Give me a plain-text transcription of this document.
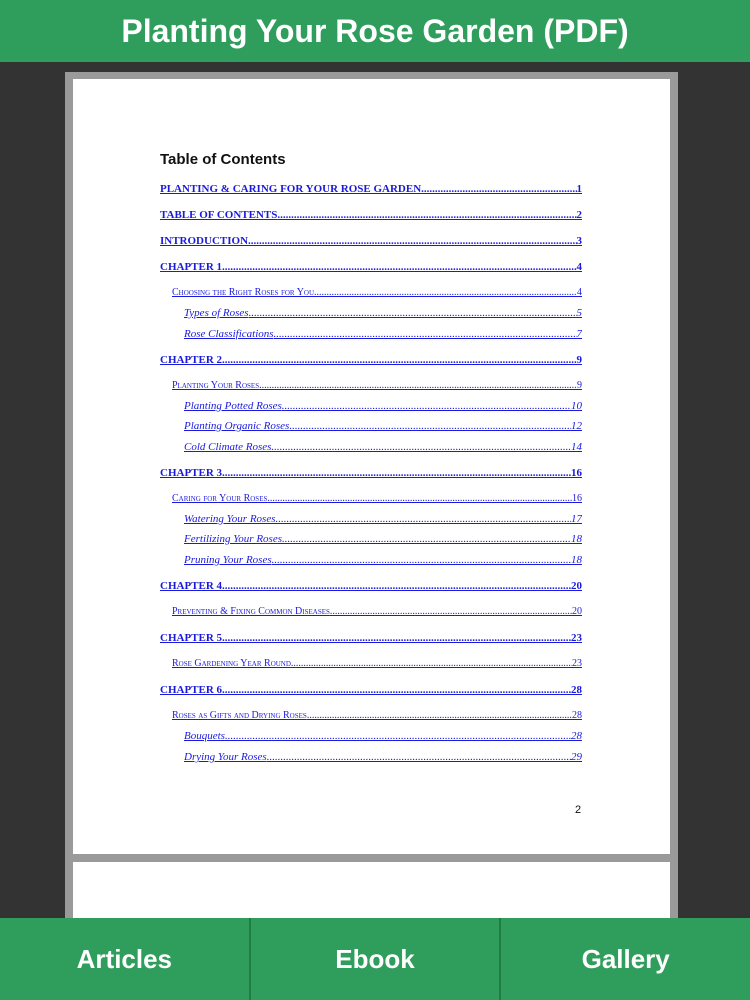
Planting Your Rose Garden (PDF)
Table of Contents
PLANTING & CARING FOR YOUR ROSE GARDEN .....	1
TABLE OF CONTENTS .....	2
INTRODUCTION .....	3
CHAPTER 1 .....	4
Choosing the Right Roses for You .....	4
Types of Roses .....	5
Rose Classifications .....	7
CHAPTER 2 .....	9
Planting Your Roses .....	9
Planting Potted Roses .....	10
Planting Organic Roses .....	12
Cold Climate Roses .....	14
CHAPTER 3 .....	16
Caring for Your Roses .....	16
Watering Your Roses .....	17
Fertilizing Your Roses .....	18
Pruning Your Roses .....	18
CHAPTER 4 .....	20
Preventing & Fixing Common Diseases .....	20
CHAPTER 5 .....	23
Rose Gardening Year Round .....	23
CHAPTER 6 .....	28
Roses as Gifts and Drying Roses .....	28
Bouquets .....	28
Drying Your Roses .....	29
2
Articles	Ebook	Gallery
